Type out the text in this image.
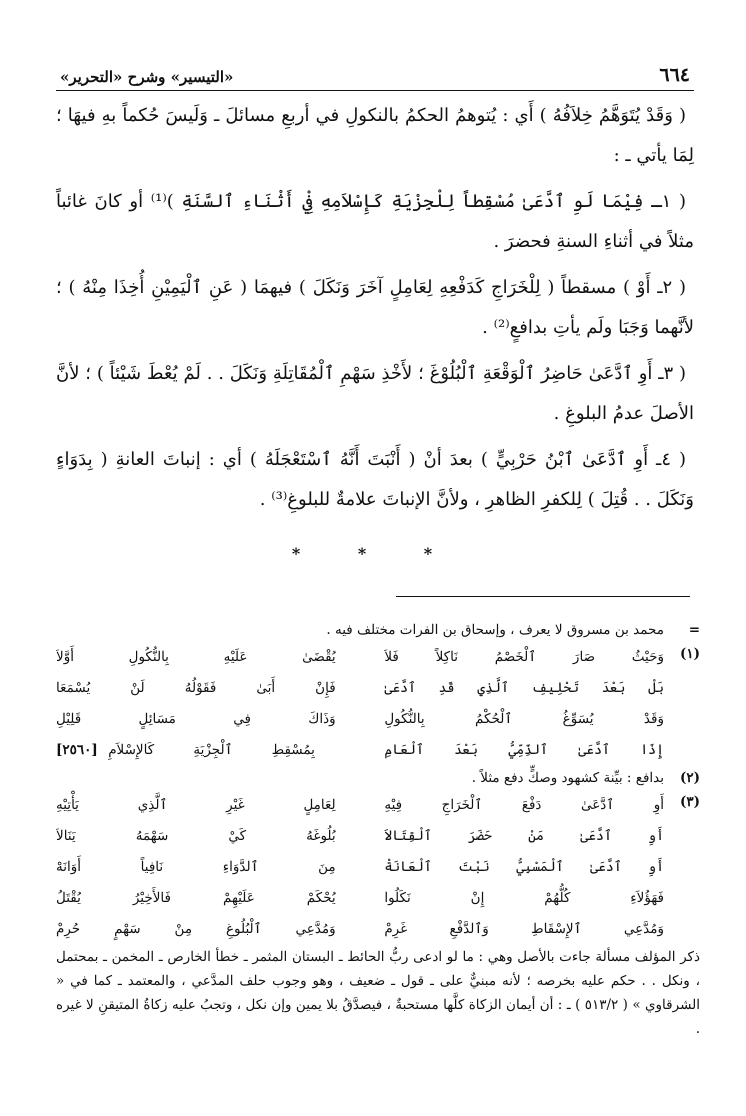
٦٦٤
«التيسير» وشرح «التحرير»

( وَقَدْ يُتَوَهَّمُ خِلاَفُهُ ) أَي : يُتوهمُ الحكمُ بالنكولِ في أربعِ مسائلَ ـ وَلَيسَ حُكماً بهِ فيهَا ؛ لِمَا يأتي ـ :

( ١ـ فِيْمَا لَوِ ٱدَّعَىٰ مُسْقِطاً لِلْجِزْيَةِ كَإِسْلاَمِهِ فِيْ أَثْنَاءِ ٱلسَّنَةِ )⁽¹⁾ أو كانَ غائباً مثلاً في أثناءِ السنةِ فحضرَ .

( ٢ـ أَوْ ) مسقطاً ( لِلْخَرَاجِ كَدَفْعِهِ لِعَامِلٍ آخَرَ وَنَكَلَ ) فيهمَا ( عَنِ ٱلْيَمِيْنِ أُخِذَا مِنْهُ ) ؛ لأنَّهما وَجَبَا ولَم يأتِ بدافعٍ⁽²⁾ .

( ٣ـ أَوِ ٱدَّعَىٰ حَاضِرُ ٱلْوَقْعَةِ ٱلْبُلُوْغَ ؛ لأَخْذِ سَهْمِ ٱلْمُقَاتِلَةِ وَنَكَلَ . . لَمْ يُعْطَ شَيْئاً ) ؛ لأنَّ الأصلَ عدمُ البلوغِ .

( ٤ـ أَوِ ٱدَّعَىٰ ٱبْنُ حَرْبِيٍّ ) بعدَ أنْ ( أَنْبَتَ أَنَّهُ ٱسْتَعْجَلَهُ ) أي : إنباتَ العانةِ ( بِدَوَاءٍ وَنَكَلَ . . قُتِلَ ) لِلكفرِ الظاهرِ ، ولأنَّ الإنباتَ علامةٌ للبلوغِ⁽³⁾ .

* * *
=
محمد بن مسروق لا يعرف ، وإسحاق بن الفرات مختلف فيه .
(١)
وَحَيْثُ صَارَ ٱلْخَصْمُ نَاكِلاً فَلاَ
يُقْضَىٰ عَلَيْهِ بِالنُّكُولِ أَوَّلاَ
بَلْ بَعْدَ تَحْلِيفِ ٱلَّذِي قَدِ ٱدَّعَىٰ
فَإِنْ أَبَىٰ فَقَوْلُهُ لَنْ يُسْمَعَا
وَقَدْ يُسَوِّغُ ٱلْحُكْمُ بِالنُّكُولِ
وَذَاكَ فِي مَسَائِلٍ قَلِيْلِ
إِذَا ٱدَّعَىٰ ٱلذِّمِّيُّ بَعْدَ ٱلْعَامِ
بِمُسْقِطِ ٱلْجِزْيَةِ كَالإِسْلاَمِ
[٢٥٦٠]
(٢)
بدافع : بيِّنة كشهود وصكٍّ دفع مثلاً .
(٣)
أَوِ ٱدَّعَىٰ دَفْعَ ٱلْخَرَاجِ فِيْهِ
لِعَامِلٍ غَيْرِ ٱلَّذِي يَأْتِيْهِ
أَوِ ٱدَّعَىٰ مَنْ حَضَرَ ٱلْقِتَالاَ
بُلُوغَهُ كَيْ سَهْمَهُ يَنَالاَ
أَوِ ٱدَّعَىٰ ٱلْمَسْبِيُّ نَبْتَ ٱلْعَانَةْ
مِنَ ٱلدَّوَاءِ نَافِياً أَوَانَهْ
فَهَؤُلاَءِ كُلُّهُمْ إِنْ نَكَلُوا
يُحْكَمْ عَلَيْهِمْ فَالأَخِيْرُ يُقْتَلُ
وَمُدَّعِي ٱلإِسْقَاطِ وَٱلدَّفْعِ غَرِمْ
وَمُدَّعِي ٱلْبُلُوغِ مِنْ سَهْمٍ حُرِمْ
ذكر المؤلف مسألة جاءت بالأصل وهي : ما لو ادعى ربُّ الحائط ـ البستان المثمر ـ خطأ الخارص ـ المخمن ـ بمحتمل ، ونكل . . حكم عليه بخرصه ؛ لأنه مبنيٌّ على ـ قول ـ ضعيف ، وهو وجوب حلف المدَّعي ، والمعتمد ـ كما في « الشرقاوي » ( ٥١٣/٢ ) ـ : أن أيمان الزكاة كلَّها مستحبةٌ ، فيصدَّقُ بلا يمين وإن نكل ، وتجبُ عليه زكاةُ المتيقنِ لا غيره .
